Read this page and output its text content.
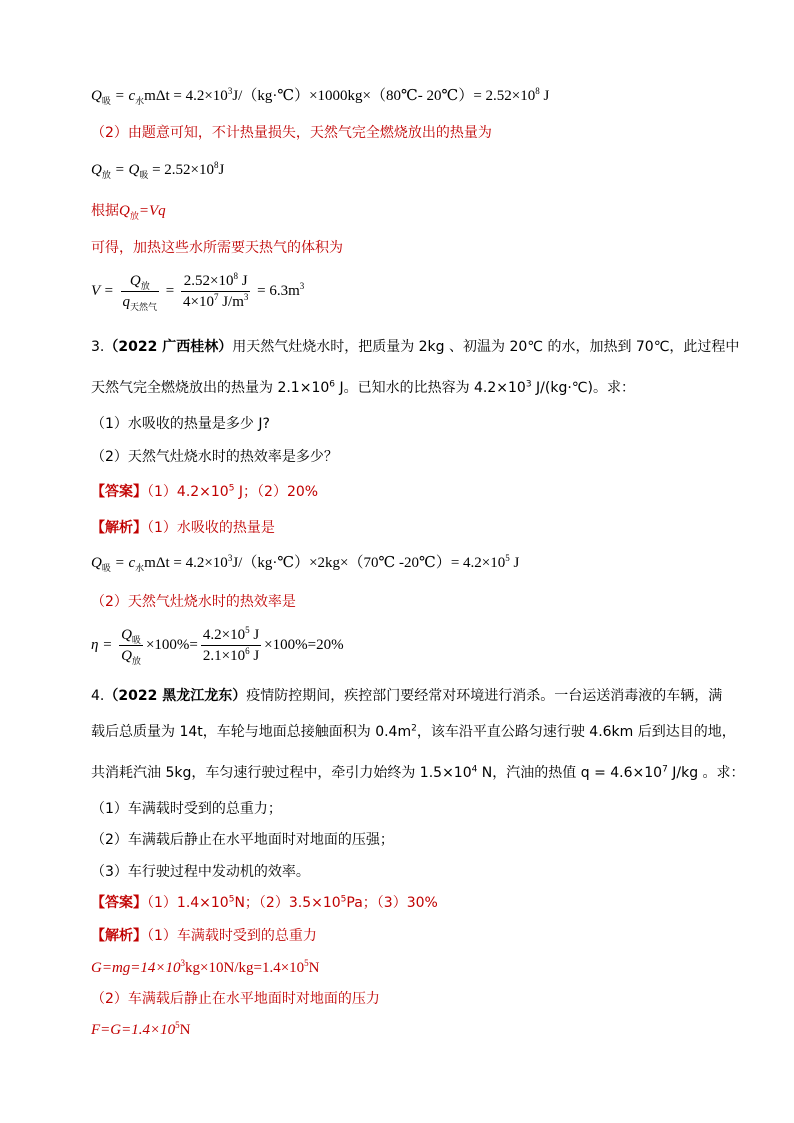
$Q_吸 = c_水m\Delta t$ = $4.2\times 10^3J/(kg\cdot℃)\times 1000kg\times(80℃-$ 20℃）= $2.52\times 10^8$ J
（2）由题意可知，不计热量损失，天然气完全燃烧放出的热量为
$Q_放 = Q_吸 = 2.52\times 10^8J$
根据$Q_放=Vq$
可得，加热这些水所需要天热气的体积为
$V = \frac{Q_放}{q_{天然气}} = \frac{2.52\times 10^8 J}{4\times 10^7 J/m^3} = 6.3m^3$
3.（2022 广西桂林）用天然气灶烧水时，把质量为 2kg 、初温为 20℃ 的水，加热到 70℃，此过程中
天然气完全燃烧放出的热量为 $2.1\times 10^6$ J。已知水的比热容为 $4.2\times 10^3$ J/(kg·℃)。求：
（1）水吸收的热量是多少 J?
（2）天然气灶烧水时的热效率是多少？
【答案】$(1)4.2\times 10^5$ J；（2）20%
【解析】（1）水吸收的热量是
$Q_吸 = c_水m\Delta t$ = $4.2\times 10^3J/(kg\cdot℃)\times 2kg\times(70℃$ -20℃）= $4.2\times 10^5$ J
（2）天然气灶烧水时的热效率是
$\eta = \frac{Q_吸}{Q_放} \times 100\%= \frac{4.2\times 10^5 J}{2.1\times 10^6 J} \times 100\%=20\%$
4.（2022 黑龙江龙东）疫情防控期间，疾控部门要经常对环境进行消杀。一台运送消毒液的车辆，满
载后总质量为 14t，车轮与地面总接触面积为 $0.4m^2$，该车沿平直公路匀速行驶 4.6km 后到达目的地，
共消耗汽油 5kg，车匀速行驶过程中，牵引力始终为 $1.5\times 10^4$ N，汽油的热值 $q = 4.6\times 10^7$ J/kg 。求：
（1）车满载时受到的总重力；
（2）车满载后静止在水平地面时对地面的压强；
（3）车行驶过程中发动机的效率。
【答案】$(1)1.4\times 10^5N$；$(2)3.5\times 10^5Pa$；（3）30%
【解析】（1）车满载时受到的总重力
$G=mg=14\times 10^3kg\times 10N/kg=1.4\times 10^5N$
（2）车满载后静止在水平地面时对地面的压力
$F=G=1.4\times 10^5N$
